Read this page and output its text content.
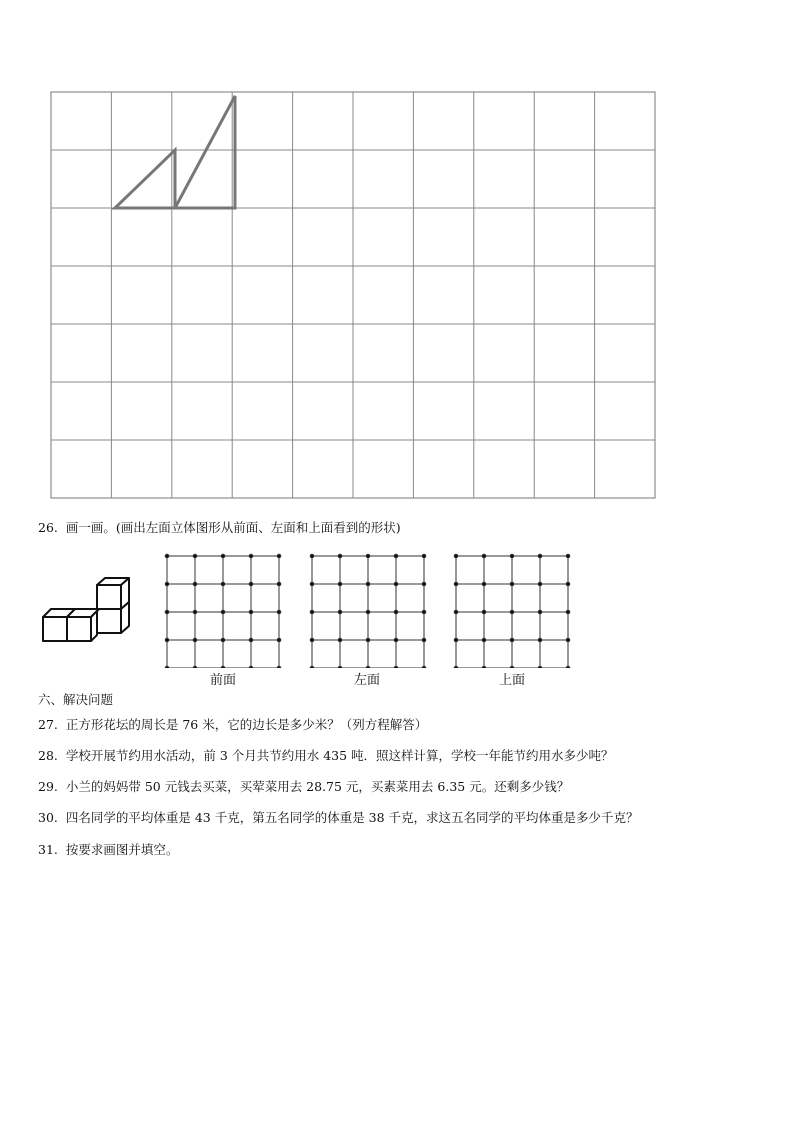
26. 画一画。(画出左面立体图形从前面、左面和上面看到的形状)
前面	左面	上面
六、解决问题
27. 正方形花坛的周长是 76 米，它的边长是多少米？（列方程解答）
28. 学校开展节约用水活动，前 3 个月共节约用水 435 吨．照这样计算，学校一年能节约用水多少吨？
29. 小兰的妈妈带 50 元钱去买菜，买荤菜用去 28.75 元，买素菜用去 6.35 元。还剩多少钱？
30. 四名同学的平均体重是 43 千克，第五名同学的体重是 38 千克，求这五名同学的平均体重是多少千克？
31. 按要求画图并填空。
